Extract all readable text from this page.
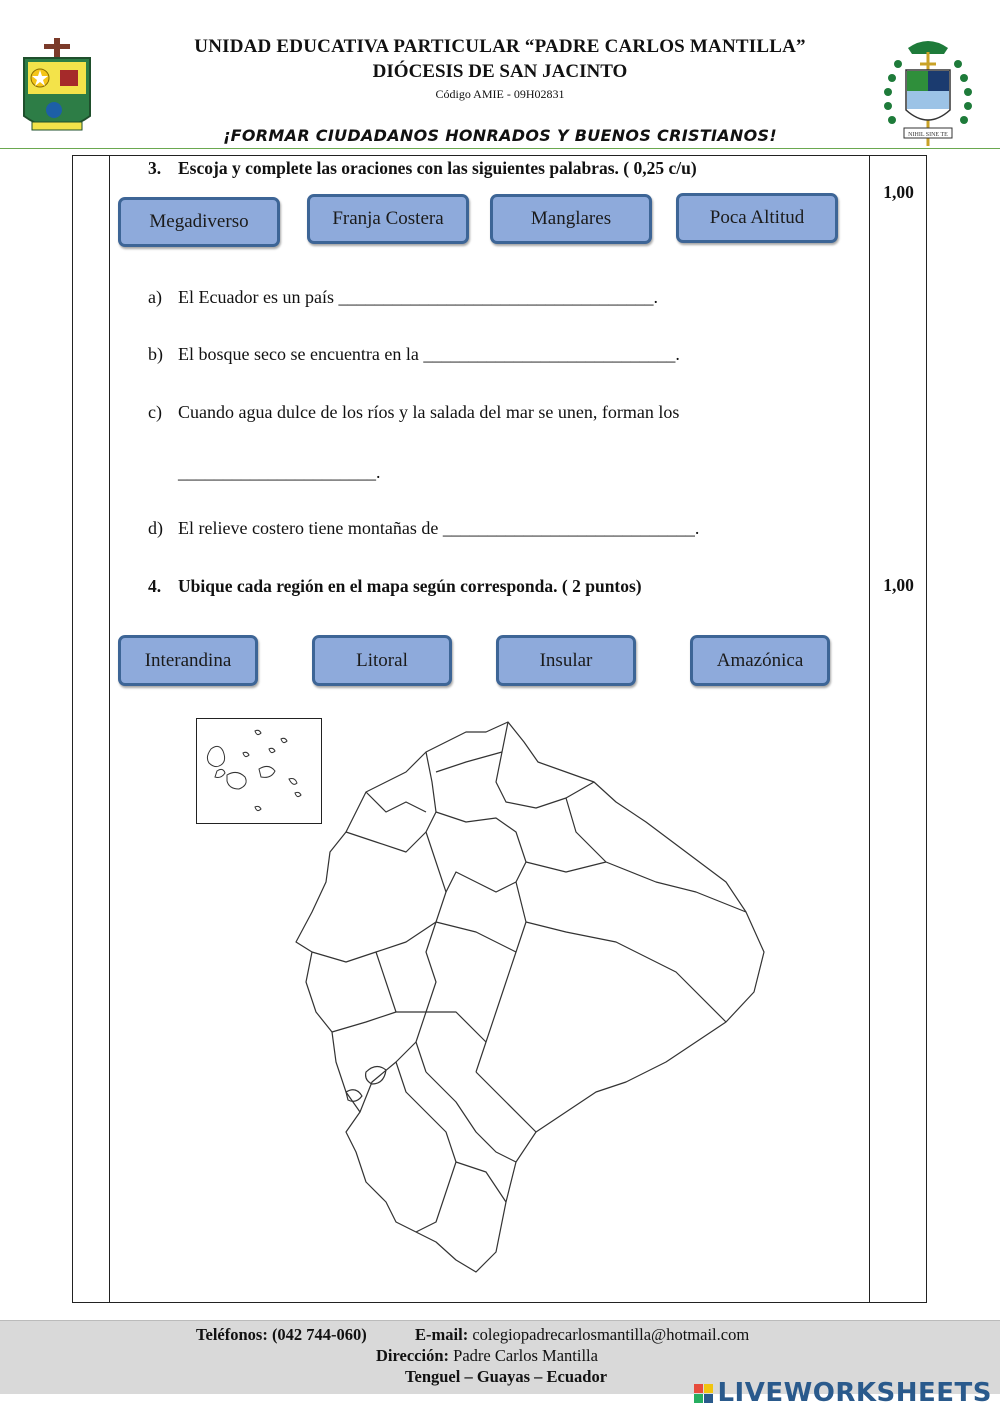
NIHIL SINE TE
UNIDAD EDUCATIVA PARTICULAR “PADRE CARLOS MANTILLA”
DIÓCESIS DE SAN JACINTO
Código AMIE - 09H02831
¡FORMAR CIUDADANOS HONRADOS Y BUENOS CRISTIANOS!
3. Escoja y complete las oraciones con las siguientes palabras. ( 0,25 c/u)
1,00
Megadiverso	Franja Costera	Manglares	Poca Altitud
a) El Ecuador es un país ___________________________________.
b) El bosque seco se encuentra en la ____________________________.
c) Cuando agua dulce de los ríos y la salada del mar se unen, forman los
______________________.
d) El relieve costero tiene montañas de ____________________________.
4. Ubique cada región en el mapa según corresponda. ( 2 puntos)	1,00
Interandina	Litoral	Insular	Amazónica
Teléfonos: (042 744-060)	E-mail: colegiopadrecarlosmantilla@hotmail.com
Dirección: Padre Carlos Mantilla
Tenguel – Guayas – Ecuador
LIVEWORKSHEETS
